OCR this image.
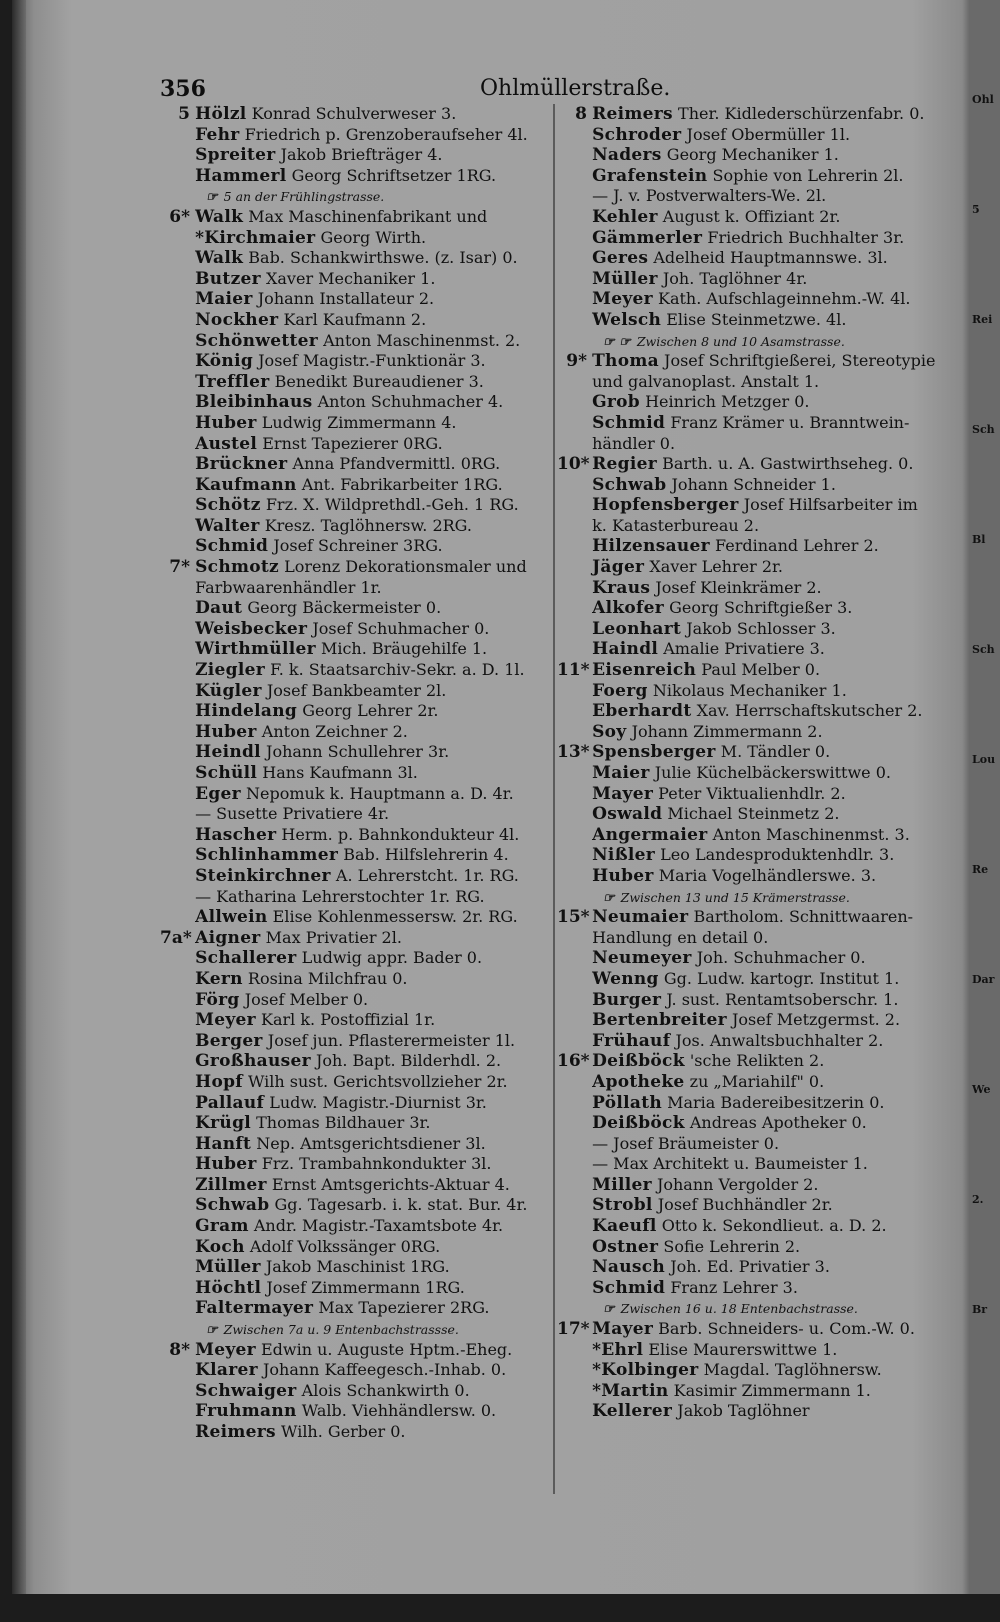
356	Ohlmüllerstraße.
5 Hölzl Konrad Schulverweser 3.
Fehr Friedrich p. Grenzoberaufseher 4l.
Spreiter Jakob Briefträger 4.
Hammerl Georg Schriftsetzer 1RG.
☞ 5 an der Frühlingstrasse.
6* Walk Max Maschinenfabrikant und
*Kirchmaier Georg Wirth.
Walk Bab. Schankwirthswe. (z. Isar) 0.
Butzer Xaver Mechaniker 1.
Maier Johann Installateur 2.
Nockher Karl Kaufmann 2.
Schönwetter Anton Maschinenmst. 2.
König Josef Magistr.-Funktionär 3.
Treffler Benedikt Bureaudiener 3.
Bleibinhaus Anton Schuhmacher 4.
Huber Ludwig Zimmermann 4.
Austel Ernst Tapezierer 0RG.
Brückner Anna Pfandvermittl. 0RG.
Kaufmann Ant. Fabrikarbeiter 1RG.
Schötz Frz. X. Wildprethdl.-Geh. 1 RG.
Walter Kresz. Taglöhnersw. 2RG.
Schmid Josef Schreiner 3RG.
7* Schmotz Lorenz Dekorationsmaler und
Farbwaarenhändler 1r.
Daut Georg Bäckermeister 0.
Weisbecker Josef Schuhmacher 0.
Wirthmüller Mich. Bräugehilfe 1.
Ziegler F. k. Staatsarchiv-Sekr. a. D. 1l.
Kügler Josef Bankbeamter 2l.
Hindelang Georg Lehrer 2r.
Huber Anton Zeichner 2.
Heindl Johann Schullehrer 3r.
Schüll Hans Kaufmann 3l.
Eger Nepomuk k. Hauptmann a. D. 4r.
— Susette Privatiere 4r.
Hascher Herm. p. Bahnkondukteur 4l.
Schlinhammer Bab. Hilfslehrerin 4.
Steinkirchner A. Lehrerstcht. 1r. RG.
— Katharina Lehrerstochter 1r. RG.
Allwein Elise Kohlenmessersw. 2r. RG.
7a* Aigner Max Privatier 2l.
Schallerer Ludwig appr. Bader 0.
Kern Rosina Milchfrau 0.
Förg Josef Melber 0.
Meyer Karl k. Postoffizial 1r.
Berger Josef jun. Pflasterermeister 1l.
Großhauser Joh. Bapt. Bilderhdl. 2.
Hopf Wilh sust. Gerichtsvollzieher 2r.
Pallauf Ludw. Magistr.-Diurnist 3r.
Krügl Thomas Bildhauer 3r.
Hanft Nep. Amtsgerichtsdiener 3l.
Huber Frz. Trambahnkondukter 3l.
Zillmer Ernst Amtsgerichts-Aktuar 4.
Schwab Gg. Tagesarb. i. k. stat. Bur. 4r.
Gram Andr. Magistr.-Taxamtsbote 4r.
Koch Adolf Volkssänger 0RG.
Müller Jakob Maschinist 1RG.
Höchtl Josef Zimmermann 1RG.
Faltermayer Max Tapezierer 2RG.
☞ Zwischen 7a u. 9 Entenbachstrassse.
8* Meyer Edwin u. Auguste Hptm.-Eheg.
Klarer Johann Kaffeegesch.-Inhab. 0.
Schwaiger Alois Schankwirth 0.
Fruhmann Walb. Viehhändlersw. 0.
Reimers Wilh. Gerber 0.
8 Reimers Ther. Kidlederschürzenfabr. 0.
Schroder Josef Obermüller 1l.
Naders Georg Mechaniker 1.
Grafenstein Sophie von Lehrerin 2l.
— J. v. Postverwalters-We. 2l.
Kehler August k. Offiziant 2r.
Gämmerler Friedrich Buchhalter 3r.
Geres Adelheid Hauptmannswe. 3l.
Müller Joh. Taglöhner 4r.
Meyer Kath. Aufschlageinnehm.-W. 4l.
Welsch Elise Steinmetzwe. 4l.
☞ ☞ Zwischen 8 und 10 Asamstrasse.
9* Thoma Josef Schriftgießerei, Stereotypie
und galvanoplast. Anstalt 1.
Grob Heinrich Metzger 0.
Schmid Franz Krämer u. Branntwein-
händler 0.
10* Regier Barth. u. A. Gastwirthseheg. 0.
Schwab Johann Schneider 1.
Hopfensberger Josef Hilfsarbeiter im
k. Katasterbureau 2.
Hilzensauer Ferdinand Lehrer 2.
Jäger Xaver Lehrer 2r.
Kraus Josef Kleinkrämer 2.
Alkofer Georg Schriftgießer 3.
Leonhart Jakob Schlosser 3.
Haindl Amalie Privatiere 3.
11* Eisenreich Paul Melber 0.
Foerg Nikolaus Mechaniker 1.
Eberhardt Xav. Herrschaftskutscher 2.
Soy Johann Zimmermann 2.
13* Spensberger M. Tändler 0.
Maier Julie Küchelbäckerswittwe 0.
Mayer Peter Viktualienhdlr. 2.
Oswald Michael Steinmetz 2.
Angermaier Anton Maschinenmst. 3.
Nißler Leo Landesproduktenhdlr. 3.
Huber Maria Vogelhändlerswe. 3.
☞ Zwischen 13 und 15 Krämerstrasse.
15* Neumaier Bartholom. Schnittwaaren-
Handlung en detail 0.
Neumeyer Joh. Schuhmacher 0.
Wenng Gg. Ludw. kartogr. Institut 1.
Burger J. sust. Rentamtsoberschr. 1.
Bertenbreiter Josef Metzgermst. 2.
Frühauf Jos. Anwaltsbuchhalter 2.
16* Deißböck 'sche Relikten 2.
Apotheke zu „Mariahilf" 0.
Pöllath Maria Badereibesitzerin 0.
Deißböck Andreas Apotheker 0.
— Josef Bräumeister 0.
— Max Architekt u. Baumeister 1.
Miller Johann Vergolder 2.
Strobl Josef Buchhändler 2r.
Kaeufl Otto k. Sekondlieut. a. D. 2.
Ostner Sofie Lehrerin 2.
Nausch Joh. Ed. Privatier 3.
Schmid Franz Lehrer 3.
☞ Zwischen 16 u. 18 Entenbachstrasse.
17* Mayer Barb. Schneiders- u. Com.-W. 0.
*Ehrl Elise Maurerswittwe 1.
*Kolbinger Magdal. Taglöhnersw.
*Martin Kasimir Zimmermann 1.
Kellerer Jakob Taglöhner
Ohl
5
Rei
Sch
Bl
Sch
Lou
Re
Dar
We
2.
Br
